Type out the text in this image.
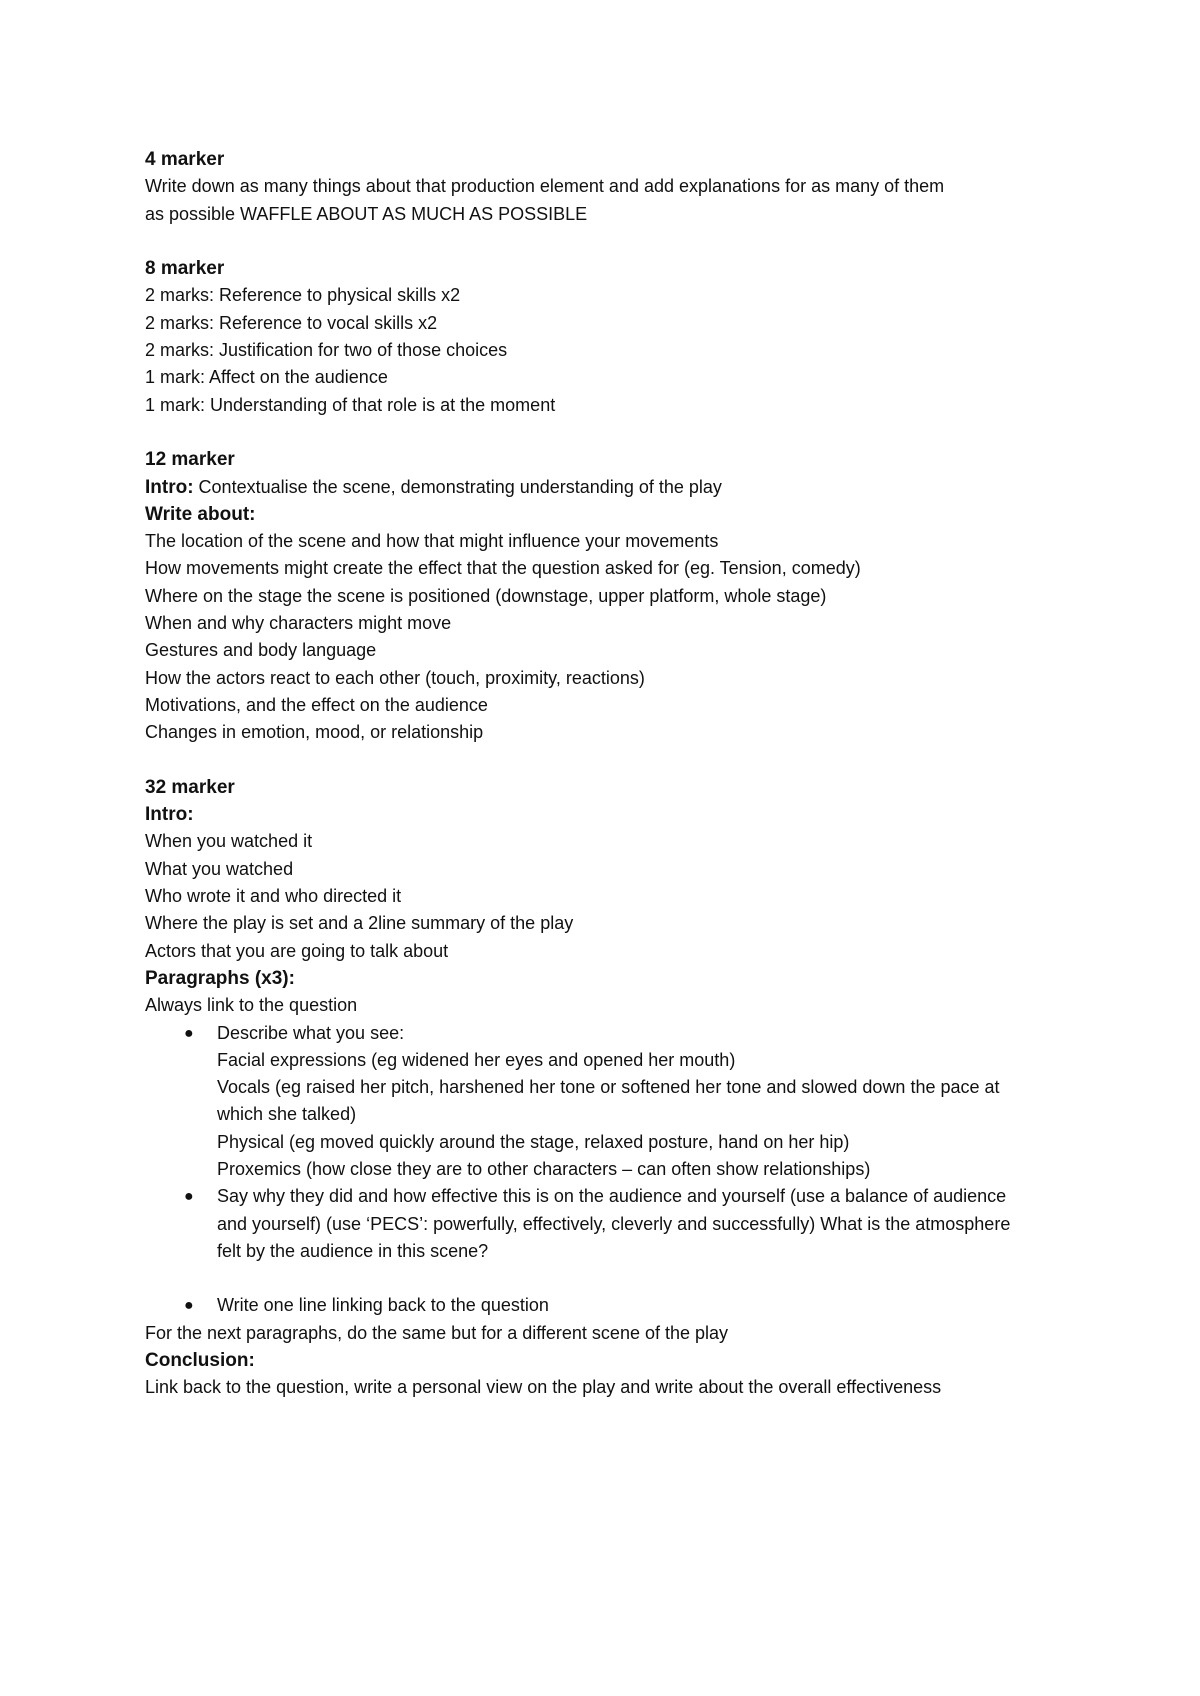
4 marker
Write down as many things about that production element and add explanations for as many of them as possible WAFFLE ABOUT AS MUCH AS POSSIBLE
8 marker
2 marks: Reference to physical skills x2
2 marks: Reference to vocal skills x2
2 marks: Justification for two of those choices
1 mark: Affect on the audience
1 mark: Understanding of that role is at the moment
12 marker
Intro: Contextualise the scene, demonstrating understanding of the play
Write about:
The location of the scene and how that might influence your movements
How movements might create the effect that the question asked for (eg. Tension, comedy)
Where on the stage the scene is positioned (downstage, upper platform, whole stage)
When and why characters might move
Gestures and body language
How the actors react to each other (touch, proximity, reactions)
Motivations, and the effect on the audience
Changes in emotion, mood, or relationship
32 marker
Intro:
When you watched it
What you watched
Who wrote it and who directed it
Where the play is set and a 2line summary of the play
Actors that you are going to talk about
Paragraphs (x3):
Always link to the question
● Describe what you see:
Facial expressions (eg widened her eyes and opened her mouth)
Vocals (eg raised her pitch, harshened her tone or softened her tone and slowed down the pace at which she talked)
Physical (eg moved quickly around the stage, relaxed posture, hand on her hip)
Proxemics (how close they are to other characters – can often show relationships)
● Say why they did and how effective this is on the audience and yourself (use a balance of audience and yourself) (use ‘PECS’: powerfully, effectively, cleverly and successfully) What is the atmosphere felt by the audience in this scene?
● Write one line linking back to the question
For the next paragraphs, do the same but for a different scene of the play
Conclusion:
Link back to the question, write a personal view on the play and write about the overall effectiveness
